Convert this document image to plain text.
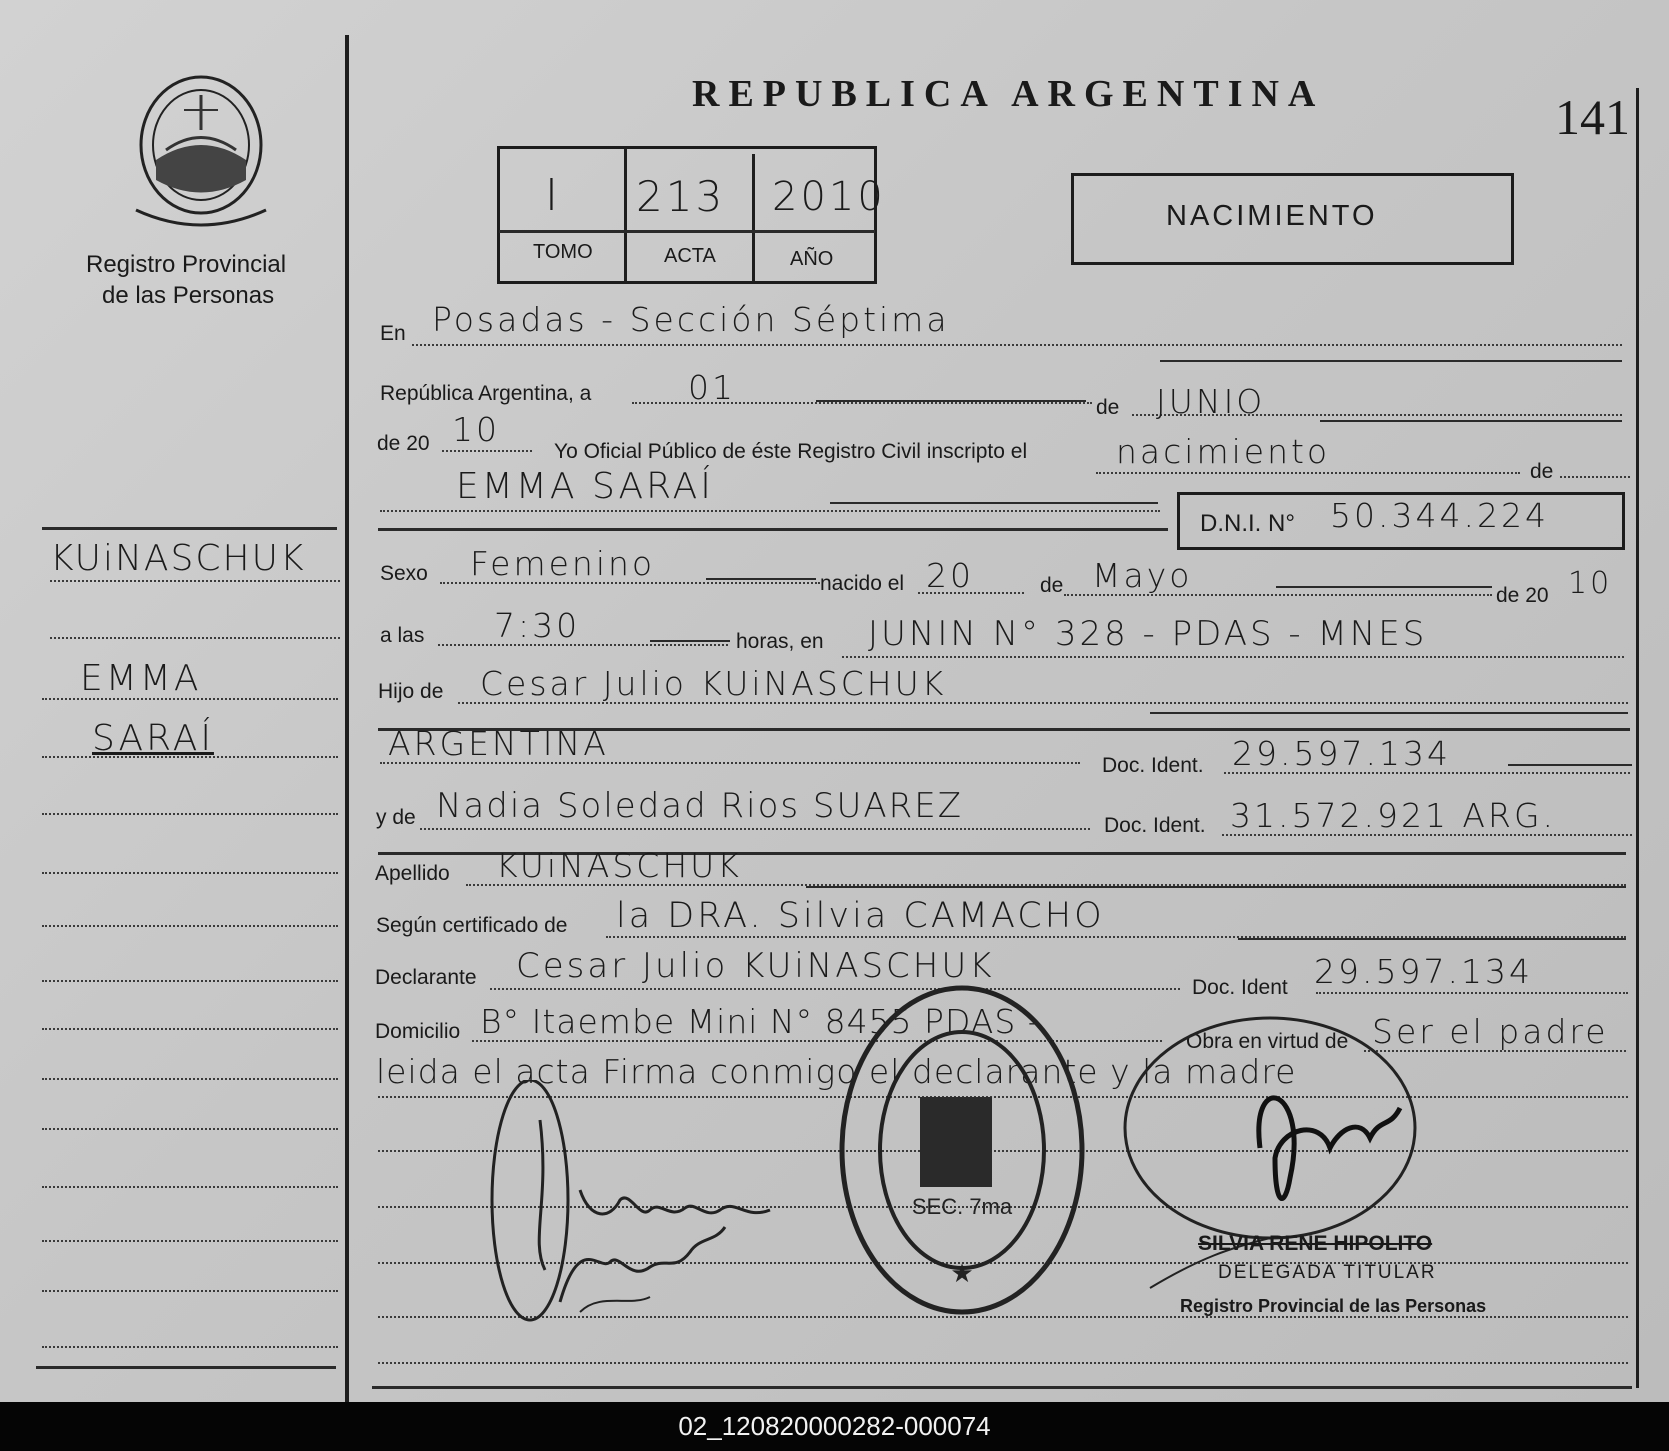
Registro Provincial
de las Personas
REPUBLICA ARGENTINA	141
I 213 2010
TOMO	ACTA	AÑO
NACIMIENTO
KUiNASCHUK
EMMA
SARAÍ
En Posadas - Sección Séptima
República Argentina, a	01
de JUNIO
de 20 10
Yo Oficial Público de éste Registro Civil inscripto el	nacimiento
de
EMMA SARAÍ
D.N.I. N° 50.344.224
Sexo Femenino
nacido el 20	de Mayo
de 20 10
a las 7:30	horas, en JUNIN N° 328 - PDAS - MNES
Hijo de Cesar Julio KUiNASCHUK
ARGENTINA
Doc. Ident. 29.597.134
y de Nadia Soledad Rios SUAREZ	Doc. Ident. 31.572.921 ARG.
Apellido KUiNASCHUK
Según certificado de la DRA. Silvia CAMACHO
Declarante Cesar Julio KUiNASCHUK
Doc. Ident 29.597.134
Domicilio B° Itaembe Mini N° 8455 PDAS -
Obra en virtud de Ser el padre
leida el acta Firma conmigo el declarante y la madre
SEC. 7ma
★
SILVIA RENE HIPOLITO
DELEGADA TITULAR
Registro Provincial de las Personas
02_120820000282-000074
